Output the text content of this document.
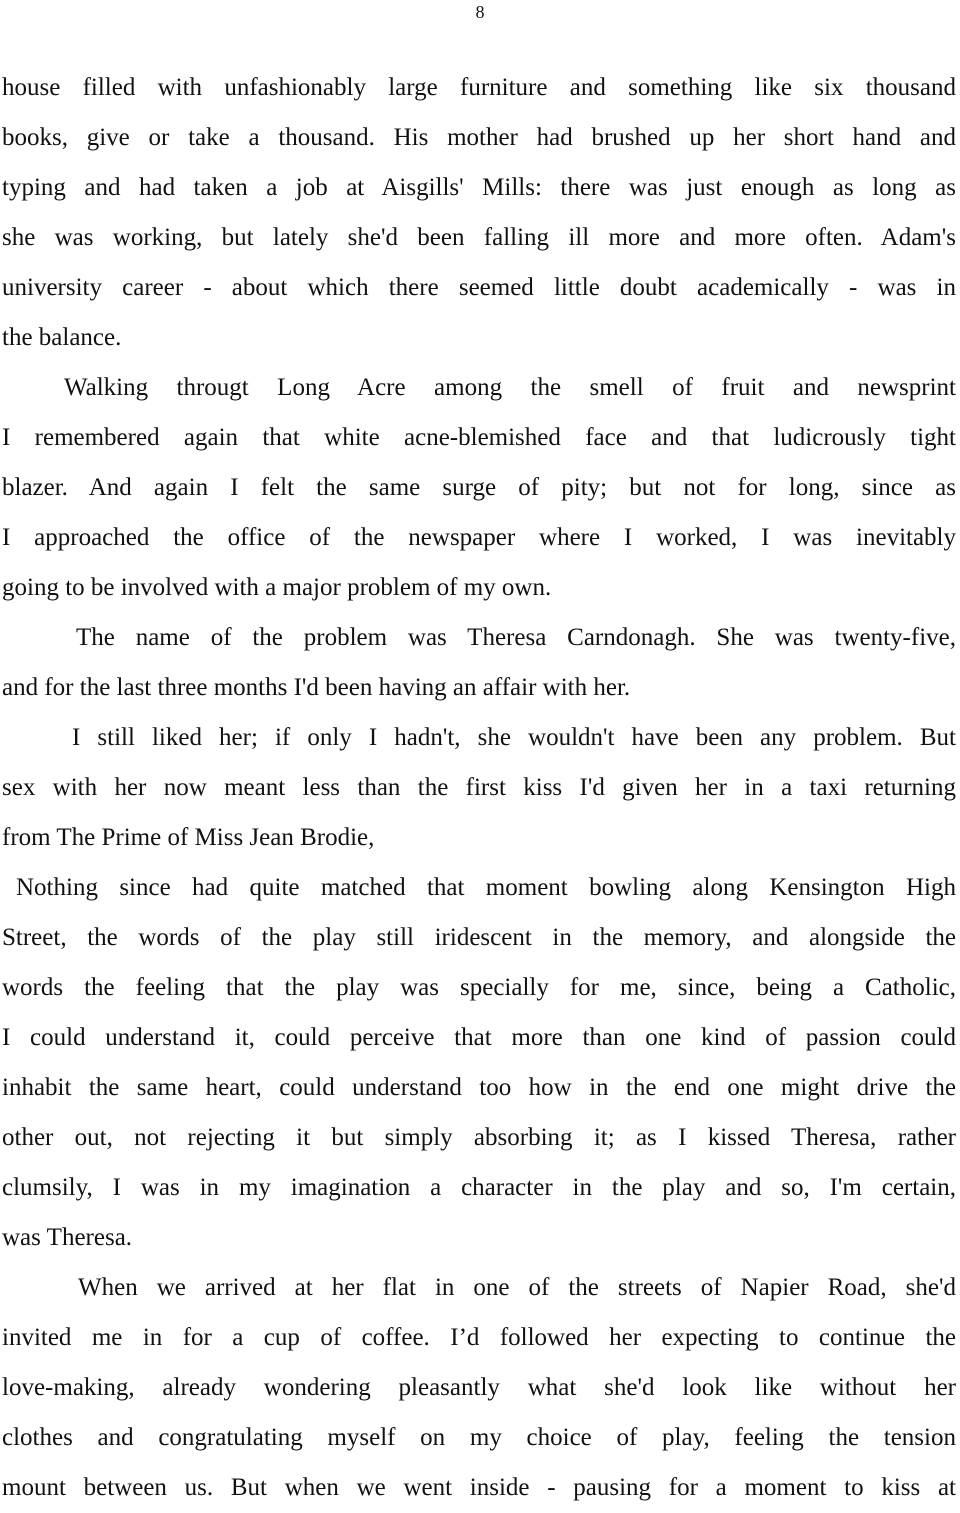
8
house filled with unfashionably large furniture and something like six thousand
books, give or take a thousand. His mother had brushed up her short hand and
typing and had taken a job at Aisgills' Mills: there was just enough as long as
she was working, but lately she'd been falling ill more and more often. Adam's
university career - about which there seemed little doubt academically - was in
the balance.
Walking througt Long Acre among the smell of fruit and newsprint
I remembered again that white acne-blemished face and that ludicrously tight
blazer. And again I felt the same surge of pity; but not for long, since as
I approached the office of the newspaper where I worked, I was inevitably
going to be involved with a major problem of my own.
The name of the problem was Theresa Carndonagh. She was twenty-five,
and for the last three months I'd been having an affair with her.
I still liked her; if only I hadn't, she wouldn't have been any problem. But
sex with her now meant less than the first kiss I'd given her in a taxi returning
from The Prime of Miss Jean Brodie,
Nothing since had quite matched that moment bowling along Kensington High
Street, the words of the play still iridescent in the memory, and alongside the
words the feeling that the play was specially for me, since, being a Catholic,
I could understand it, could perceive that more than one kind of passion could
inhabit the same heart, could understand too how in the end one might drive the
other out, not rejecting it but simply absorbing it; as I kissed Theresa, rather
clumsily, I was in my imagination a character in the play and so, I'm certain,
was Theresa.
When we arrived at her flat in one of the streets of Napier Road, she'd
invited me in for a cup of coffee. I’d followed her expecting to continue the
love-making, already wondering pleasantly what she'd look like without her
clothes and congratulating myself on my choice of play, feeling the tension
mount between us. But when we went inside - pausing for a moment to kiss at
